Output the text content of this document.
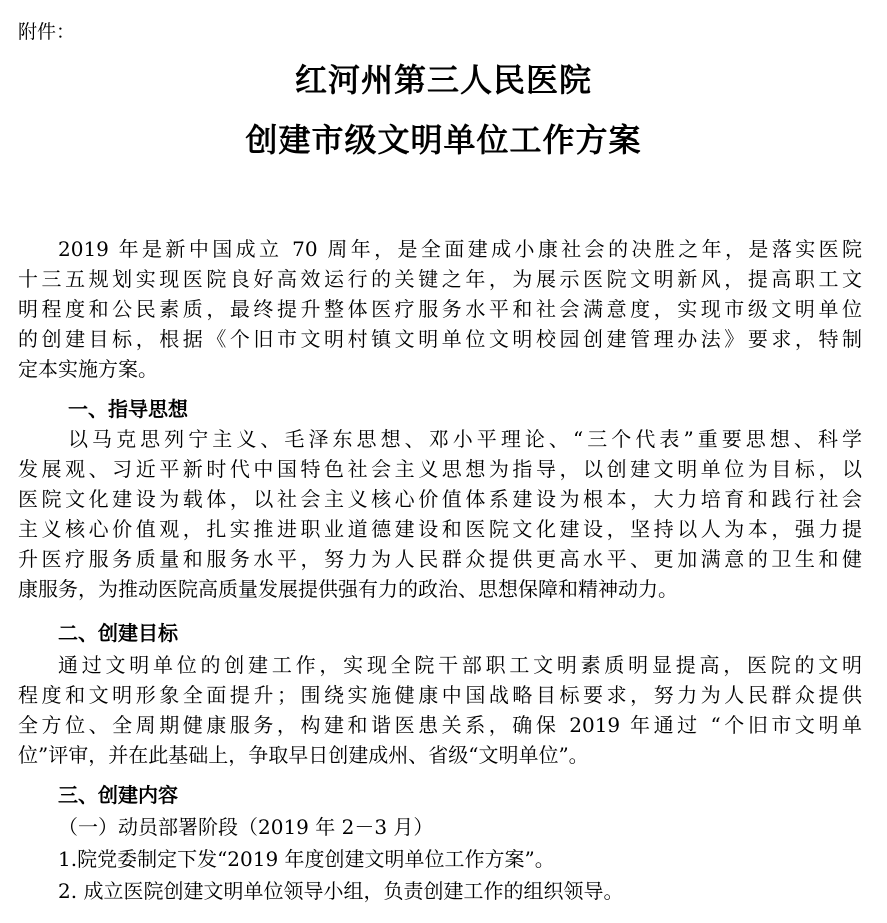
附件：
红河州第三人民医院
创建市级文明单位工作方案
2019 年是新中国成立 70 周年，是全面建成小康社会的决胜之年，是落实医院
十三五规划实现医院良好高效运行的关键之年，为展示医院文明新风，提高职工文
明程度和公民素质，最终提升整体医疗服务水平和社会满意度，实现市级文明单位
的创建目标，根据《个旧市文明村镇文明单位文明校园创建管理办法》要求，特制
定本实施方案。
一、指导思想
以马克思列宁主义、毛泽东思想、邓小平理论、“三个代表”重要思想、科学
发展观、习近平新时代中国特色社会主义思想为指导，以创建文明单位为目标，以
医院文化建设为载体，以社会主义核心价值体系建设为根本，大力培育和践行社会
主义核心价值观，扎实推进职业道德建设和医院文化建设，坚持以人为本，强力提
升医疗服务质量和服务水平，努力为人民群众提供更高水平、更加满意的卫生和健
康服务，为推动医院高质量发展提供强有力的政治、思想保障和精神动力。
二、创建目标
通过文明单位的创建工作，实现全院干部职工文明素质明显提高，医院的文明
程度和文明形象全面提升；围绕实施健康中国战略目标要求，努力为人民群众提供
全方位、全周期健康服务，构建和谐医患关系，确保 2019 年通过 “个旧市文明单
位”评审，并在此基础上，争取早日创建成州、省级“文明单位”。
三、创建内容
（一）动员部署阶段（2019 年 2－3 月）
1.院党委制定下发“2019 年度创建文明单位工作方案”。
2. 成立医院创建文明单位领导小组，负责创建工作的组织领导。
